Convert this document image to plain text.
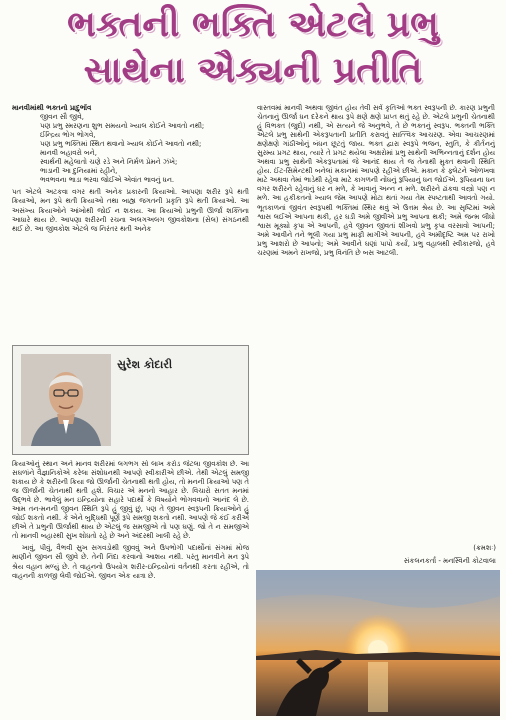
ભક્તની ભક્તિ એટલે પ્રભુ
સાથેના ઐક્યની પ્રતીતિ

માનવીમાંથી ભક્તનો પ્રાદુર્ભાવ

જીવન સૌ જીવે,

પણ પ્રભુ સ્મરણના શુભ સમયનો ખ્યાલ કોઈને આવતો નથી;

ઈન્દ્રિય ભોગ ભોગવે,

પણ પ્રભુ ભક્તિમાં સ્થિત થવાનો ખ્યાલ કોઈને આવતો નથી;

માનવી બહાવરો બને,

સ્વાર્થની મહેલાતો ચણે રડે અને નિર્મળ પ્રેમને ઝંખે;

ભાડાની આ દુનિયામાં રહીને,

ભવભવના ભાડા ભરવા જોઈએ એવાંત ભાવનું ધન.

પત એટલે અટકવા વગર થતી અનેક પ્રકારની ક્રિયાઓ. આપણા શરીર રૂપે થતી ક્રિયાઓ, મન રૂપે થતી ક્રિયાઓ તથા બાહ્ય જગતની પ્રકૃતિ રૂપે થતી ક્રિયાઓ. આ અસંખ્ય ક્રિયાઓને આંખોથી જોઈ ન શકાય. આ ક્રિયાઓ પ્રભુની ઊર્જા શક્તિના આધારે થાય છે. આપણા શરીરની રચના અલગઅલગ જીવકોશના (સેલ) સંગઠનથી થઈ છે. આ જીવકોશ એટલે જ નિરંતર થતી અનેક

સુરેશ કોદારી

ક્રિયાઓનું સ્થાન અને માનવ શરીરમાં લગભગ સો લાખ કરોડ જેટલા જીવકોશ છે. આ સઘળાંને વૈજ્ઞાનિકોએ કરેલા સંશોધનથી આપણે સ્વીકારીએ છીએ. તેથી એટલું સમજી શકાય છે કે શરીરની ક્રિયા જો ઊર્જાની ચેતનાથી થતી હોય, તો મનની ક્રિયાઓ પણ તે જ ઊર્જાની ચેતનાથી થતી હશે. વિચાર એ મનનો આહાર છે. વિચારો સતત મનમાં ઉદ્ભવે છે. ભાવેલું મન ઇન્દ્રિયોના સહારે પદાર્થો કે વિષયોને ભોગવવાનો આનંદ લે છે. આમ તન-મનની જીવન સ્થિતિ રૂપે હું જીવું છું, પણ તે જીવન સ્વરૂપની ક્રિયાઓને હું જોઈ શકતો નથી. કે એને બુદ્ધિથી પૂર્ણ રૂપે સમજી શકતો નથી. આપણે જે કંઈ કરીએ છીએ તે પ્રભુની ઊર્જાથી થાય છે એટલું જ સમજીએ તો પણ ઘણું. જો તે ન સમજીએ તો માનવી બહારથી સુખ શોધતો રહે છે અને અંદરથી ખાલી રહે છે.

ખાવું, પીવું, વૈભવી સુખ સગવડોથી જીવવું અને ઉપભોગી પદાર્થોનાં સંગમાં મોજ માણીને જીવન સૌ જીવે છે. તેની નિંદા કરવાનો આશય નથી. પરંતુ માનવીને મન રૂપે શ્રેય વહાન મળ્યું છે. તે વાહનનો ઉપયોગ શરીર-ઇન્દ્રિયોનાં વર્તનથી કરતા રહીએ, તો વાહનની કાળજી લેવી જોઈએ. જીવન એક યાત્રા છે.

વાસ્તવમાં માનવી અથવા જીવંત હોય તેવી સર્વ કૃતિઓ ભક્ત સ્વરૂપની છે. કારણ પ્રભુની ચેતનાનું ઊર્જા ધન દરેકને થાય રૂપે ક્ષણે ક્ષણે પ્રાપ્ત થતું રહે છે. એટલે પ્રભુની ચેતનાથી હું વિભક્ત (જુદો) નથી, એ સત્યને જે અનુભવે, તે છે ભક્તનું સ્વરૂપ. ભક્તની ભક્તિ એટલે પ્રભુ સાથેની એકરૂપતાની પ્રતીતિ કરાવતું સાત્ત્વિક આચરણ. એવા આચરણમાં ક્ષણેક્ષણે ગાંઠીઓનું બંધન છૂટતું જાય. ભક્ત દ્વારા સ્વરૂપે ભજન, સ્તુતિ, કે કીર્તનનું સુરમ્ય પ્રગટ થાય, ત્યારે તે પ્રગટ થયેલા અક્ષરોમાં પ્રભુ સાથેની અભિન્નતાનું દર્શન હોય અથવા પ્રભુ સાથેની એકરૂપતામાં જે આનંદ થાય તે જ તેનાથી મુક્ત થવાની સ્થિતિ હોય. ઈંટ-સિમેન્ટથી બનેલાં મકાનમાં આપણે રહીએ છીએ. મકાન કે ફ્લેટને ઓળખવા માટે અથવા તેમાં ભાડેથી રહેવા માટે કાગળની નોંધનું રૂપિયાનું ધન જોઈએ. રૂપિયાના ધન વગર શરીરને રહેવાનું ઘર ન મળે, કે ખાવાનું અન્ન ન મળે. શરીરને ઢાંકવા વસ્ત્રો પણ ન મળે. આ હકીકતનો ખ્યાલ જેમ આપણે મોટા થતાં ગયા તેમ સ્પષ્ટતાથી આવતો ગયો. ભૂતકાળનાં જીવંત સ્વરૂપથી ભક્તિમાં સ્થિર થવું એ ઉત્તમ શ્રેય છે. આ સૃષ્ટિમાં અમે શ્વાસ લઈએ આપના થકી, હર ઘડી અમે જીવીએ પ્રભુ આપના થકી; અમે જન્મ લીધો શ્વાસ મૂક્યો કૃપા એ આપની, હવે જીવન જીવતાં શીખવો પ્રભુ કૃપા વરસાવો આપની; અમે આવીને તને ભૂલી ગયા પ્રભુ માફી માગીએ આપની, હવે અમીદૃષ્ટિ અમ પર રાખો પ્રભુ આશરો છે આપનો; અમે આવીને ઘણાં પાપો કર્યાં, પ્રભુ વહાલથી સ્વીકારજો, હવે ચરણમાં અમને રાખજો, પ્રભુ વિનંતિ છે બસ આટલી.

(ક્રમશઃ)
સંકલનકર્તા - મનસ્વિની કોટવાલા
